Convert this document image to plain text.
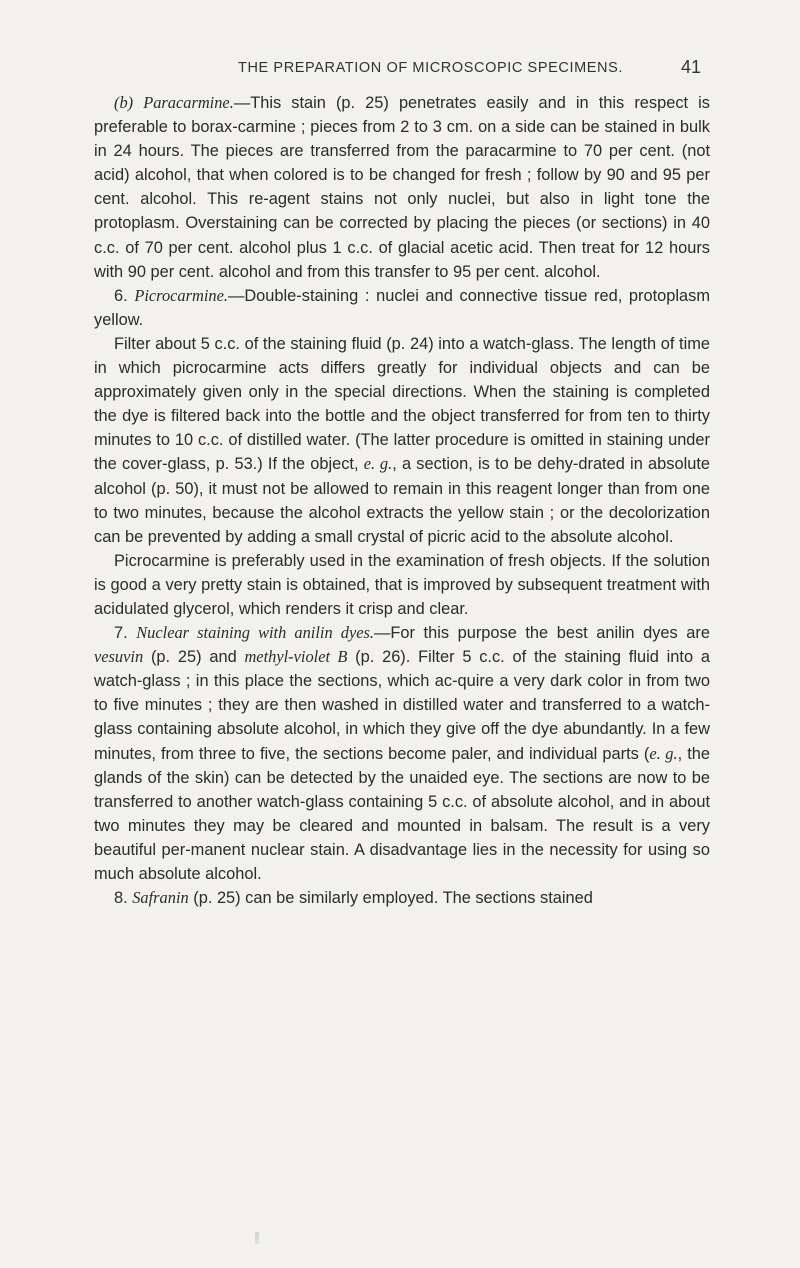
THE PREPARATION OF MICROSCOPIC SPECIMENS.	41

(b) Paracarmine.—This stain (p. 25) penetrates easily and in this respect is preferable to borax-carmine ; pieces from 2 to 3 cm. on a side can be stained in bulk in 24 hours. The pieces are transferred from the paracarmine to 70 per cent. (not acid) alcohol, that when colored is to be changed for fresh ; follow by 90 and 95 per cent. alcohol. This re-agent stains not only nuclei, but also in light tone the protoplasm. Overstaining can be corrected by placing the pieces (or sections) in 40 c.c. of 70 per cent. alcohol plus 1 c.c. of glacial acetic acid. Then treat for 12 hours with 90 per cent. alcohol and from this transfer to 95 per cent. alcohol.

6. Picrocarmine.—Double-staining : nuclei and connective tissue red, protoplasm yellow.

Filter about 5 c.c. of the staining fluid (p. 24) into a watch-glass. The length of time in which picrocarmine acts differs greatly for individual objects and can be approximately given only in the special directions. When the staining is completed the dye is filtered back into the bottle and the object transferred for from ten to thirty minutes to 10 c.c. of distilled water. (The latter procedure is omitted in staining under the cover-glass, p. 53.) If the object, e. g., a section, is to be dehy-drated in absolute alcohol (p. 50), it must not be allowed to remain in this reagent longer than from one to two minutes, because the alcohol extracts the yellow stain ; or the decolorization can be prevented by adding a small crystal of picric acid to the absolute alcohol.

Picrocarmine is preferably used in the examination of fresh objects. If the solution is good a very pretty stain is obtained, that is improved by subsequent treatment with acidulated glycerol, which renders it crisp and clear.

7. Nuclear staining with anilin dyes.—For this purpose the best anilin dyes are vesuvin (p. 25) and methyl-violet B (p. 26). Filter 5 c.c. of the staining fluid into a watch-glass ; in this place the sections, which ac-quire a very dark color in from two to five minutes ; they are then washed in distilled water and transferred to a watch-glass containing absolute alcohol, in which they give off the dye abundantly. In a few minutes, from three to five, the sections become paler, and individual parts (e. g., the glands of the skin) can be detected by the unaided eye. The sections are now to be transferred to another watch-glass containing 5 c.c. of absolute alcohol, and in about two minutes they may be cleared and mounted in balsam. The result is a very beautiful per-manent nuclear stain. A disadvantage lies in the necessity for using so much absolute alcohol.

8. Safranin (p. 25) can be similarly employed. The sections stained
